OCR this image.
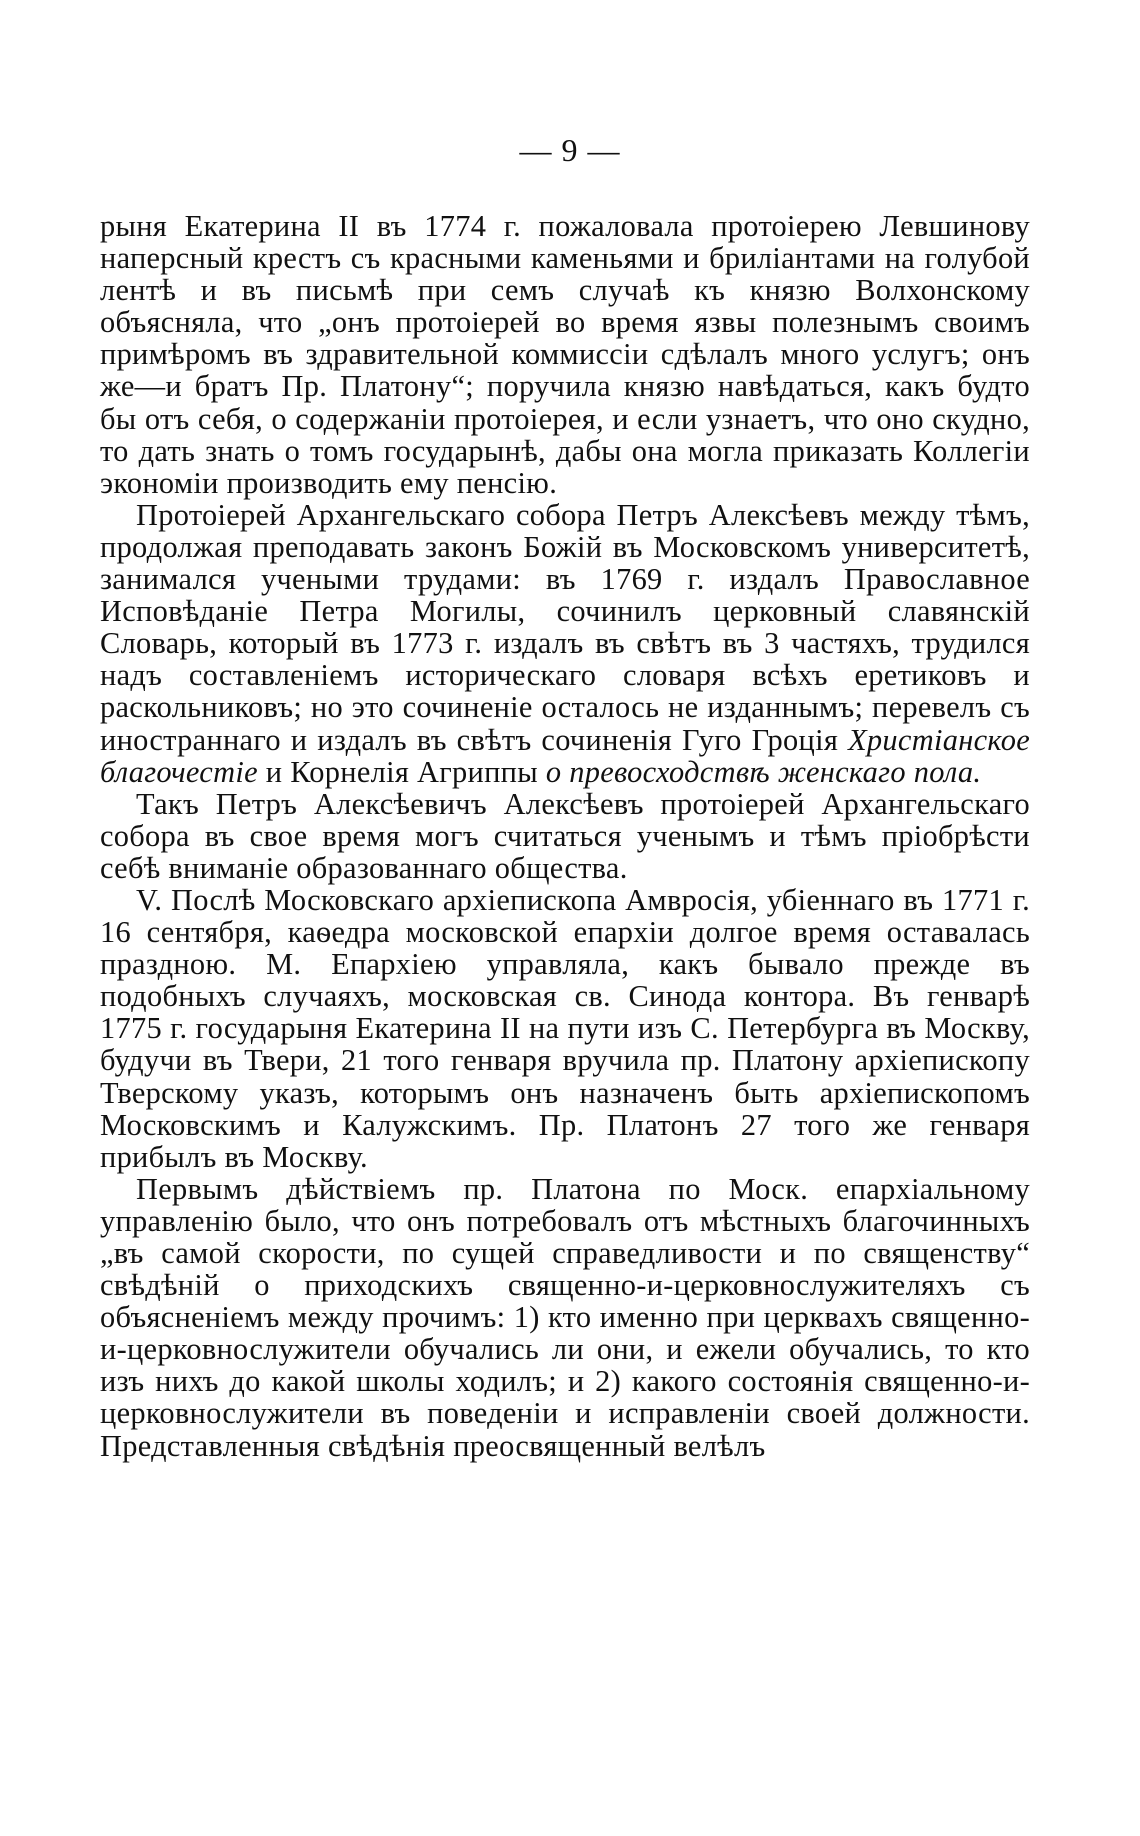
— 9 —

рыня Екатерина II въ 1774 г. пожаловала протоіерею Левшинову наперсный крестъ съ красными каменьями и бриліантами на голубой лентѣ и въ письмѣ при семъ случаѣ къ князю Волхонскому объясняла, что „онъ протоіерей во время язвы полезнымъ своимъ примѣромъ въ здравительной коммиссіи сдѣлалъ много услугъ; онъ же—и братъ Пр. Платону“; поручила князю навѣдаться, какъ будто бы отъ себя, о содержаніи протоіерея, и если узнаетъ, что оно скудно, то дать знать о томъ государынѣ, дабы она могла приказать Коллегіи экономіи производить ему пенсію.

Протоіерей Архангельскаго собора Петръ Алексѣевъ между тѣмъ, продолжая преподавать законъ Божій въ Московскомъ университетѣ, занимался учеными трудами: въ 1769 г. издалъ Православное Исповѣданіе Петра Могилы, сочинилъ церковный славянскій Словарь, который въ 1773 г. издалъ въ свѣтъ въ 3 частяхъ, трудился надъ составленіемъ историческаго словаря всѣхъ еретиковъ и раскольниковъ; но это сочиненіе осталось не изданнымъ; перевелъ съ иностраннаго и издалъ въ свѣтъ сочиненія Гуго Гроція Христіанское благочестіе и Корнелія Агриппы о превосходствѣ женскаго пола.

Такъ Петръ Алексѣевичъ Алексѣевъ протоіерей Архангельскаго собора въ свое время могъ считаться ученымъ и тѣмъ пріобрѣсти себѣ вниманіе образованнаго общества.

V. Послѣ Московскаго архіепископа Амвросія, убіеннаго въ 1771 г. 16 сентября, каѳедра московской епархіи долгое время оставалась праздною. М. Епархіею управляла, какъ бывало прежде въ подобныхъ случаяхъ, московская св. Синода контора. Въ генварѣ 1775 г. государыня Екатерина II на пути изъ С. Петербурга въ Москву, будучи въ Твери, 21 того генваря вручила пр. Платону архіепископу Тверскому указъ, которымъ онъ назначенъ быть архіепископомъ Московскимъ и Калужскимъ. Пр. Платонъ 27 того же генваря прибылъ въ Москву.

Первымъ дѣйствіемъ пр. Платона по Моск. епархіальному управленію было, что онъ потребовалъ отъ мѣстныхъ благочинныхъ „въ самой скорости, по сущей справедливости и по священству“ свѣдѣній о приходскихъ священно-и-церковнослужителяхъ съ объясненіемъ между прочимъ: 1) кто именно при церквахъ священно-и-церковнослужители обучались ли они, и ежели обучались, то кто изъ нихъ до какой школы ходилъ; и 2) какого состоянія священно-и-церковнослужители въ поведеніи и исправленіи своей должности. Представленныя свѣдѣнія преосвященный велѣлъ
